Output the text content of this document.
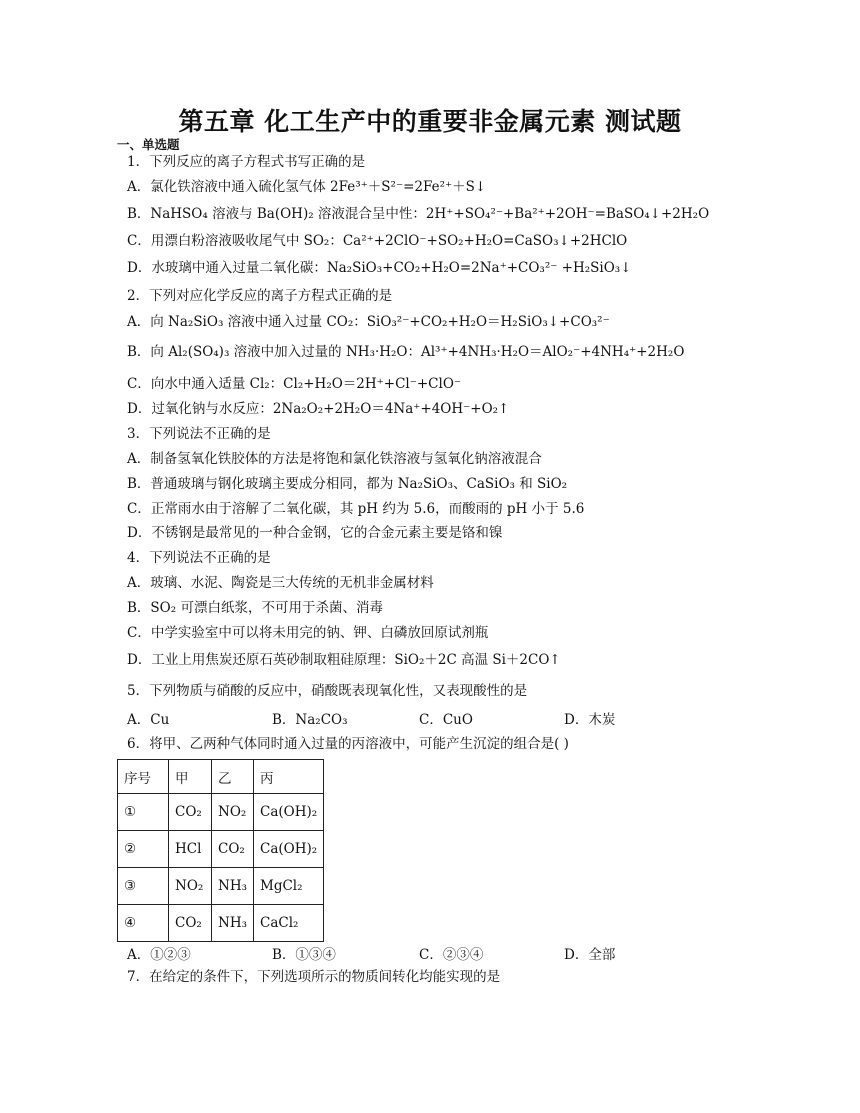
第五章 化工生产中的重要非金属元素 测试题
一、单选题
1．下列反应的离子方程式书写正确的是
A．氯化铁溶液中通入硫化氢气体 2Fe³⁺＋S²⁻=2Fe²⁺＋S↓
B．NaHSO₄ 溶液与 Ba(OH)₂ 溶液混合呈中性：2H⁺+SO₄²⁻+Ba²⁺+2OH⁻=BaSO₄↓+2H₂O
C．用漂白粉溶液吸收尾气中 SO₂：Ca²⁺+2ClO⁻+SO₂+H₂O=CaSO₃↓+2HClO
D．水玻璃中通入过量二氧化碳：Na₂SiO₃+CO₂+H₂O=2Na⁺+CO₃²⁻ +H₂SiO₃↓
2．下列对应化学反应的离子方程式正确的是
A．向 Na₂SiO₃ 溶液中通入过量 CO₂：SiO₃²⁻+CO₂+H₂O＝H₂SiO₃↓+CO₃²⁻
B．向 Al₂(SO₄)₃ 溶液中加入过量的 NH₃·H₂O：Al³⁺+4NH₃·H₂O＝AlO₂⁻+4NH₄⁺+2H₂O
C．向水中通入适量 Cl₂：Cl₂+H₂O＝2H⁺+Cl⁻+ClO⁻
D．过氧化钠与水反应：2Na₂O₂+2H₂O＝4Na⁺+4OH⁻+O₂↑
3．下列说法不正确的是
A．制备氢氧化铁胶体的方法是将饱和氯化铁溶液与氢氧化钠溶液混合
B．普通玻璃与钢化玻璃主要成分相同，都为 Na₂SiO₃、CaSiO₃ 和 SiO₂
C．正常雨水由于溶解了二氧化碳，其 pH 约为 5.6，而酸雨的 pH 小于 5.6
D．不锈钢是最常见的一种合金钢，它的合金元素主要是铬和镍
4．下列说法不正确的是
A．玻璃、水泥、陶瓷是三大传统的无机非金属材料
B．SO₂ 可漂白纸浆，不可用于杀菌、消毒
C．中学实验室中可以将未用完的钠、钾、白磷放回原试剂瓶
D．工业上用焦炭还原石英砂制取粗硅原理：SiO₂＋2C 高温 Si＋2CO↑
5．下列物质与硝酸的反应中，硝酸既表现氧化性，又表现酸性的是
A．Cu	B．Na₂CO₃	C．CuO	D．木炭
6．将甲、乙两种气体同时通入过量的丙溶液中，可能产生沉淀的组合是( )
序号	甲	乙	丙
①	CO₂	NO₂	Ca(OH)₂
②	HCl	CO₂	Ca(OH)₂
③	NO₂	NH₃	MgCl₂
④	CO₂	NH₃	CaCl₂
A．①②③	B．①③④	C．②③④	D．全部
7．在给定的条件下，下列选项所示的物质间转化均能实现的是
